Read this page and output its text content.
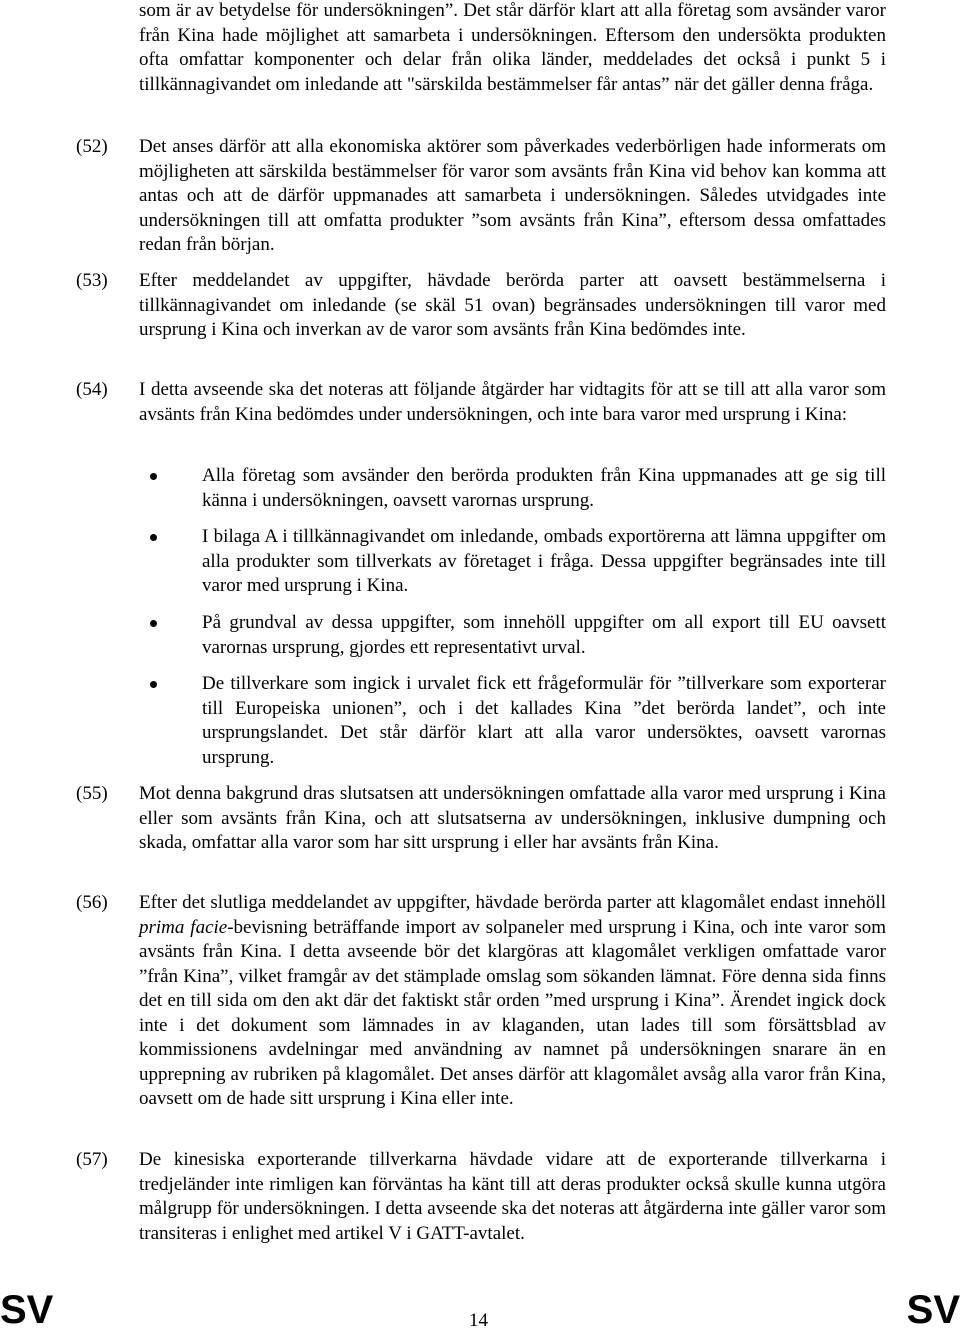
som är av betydelse för undersökningen”. Det står därför klart att alla företag som avsänder varor från Kina hade möjlighet att samarbeta i undersökningen. Eftersom den undersökta produkten ofta omfattar komponenter och delar från olika länder, meddelades det också i punkt 5 i tillkännagivandet om inledande att "särskilda bestämmelser får antas” när det gäller denna fråga.

(52) Det anses därför att alla ekonomiska aktörer som påverkades vederbörligen hade informerats om möjligheten att särskilda bestämmelser för varor som avsänts från Kina vid behov kan komma att antas och att de därför uppmanades att samarbeta i undersökningen. Således utvidgades inte undersökningen till att omfatta produkter ”som avsänts från Kina”, eftersom dessa omfattades redan från början.

(53) Efter meddelandet av uppgifter, hävdade berörda parter att oavsett bestämmelserna i tillkännagivandet om inledande (se skäl 51 ovan) begränsades undersökningen till varor med ursprung i Kina och inverkan av de varor som avsänts från Kina bedömdes inte.

(54) I detta avseende ska det noteras att följande åtgärder har vidtagits för att se till att alla varor som avsänts från Kina bedömdes under undersökningen, och inte bara varor med ursprung i Kina:

Alla företag som avsänder den berörda produkten från Kina uppmanades att ge sig till känna i undersökningen, oavsett varornas ursprung.

I bilaga A i tillkännagivandet om inledande, ombads exportörerna att lämna uppgifter om alla produkter som tillverkats av företaget i fråga. Dessa uppgifter begränsades inte till varor med ursprung i Kina.

På grundval av dessa uppgifter, som innehöll uppgifter om all export till EU oavsett varornas ursprung, gjordes ett representativt urval.

De tillverkare som ingick i urvalet fick ett frågeformulär för ”tillverkare som exporterar till Europeiska unionen”, och i det kallades Kina ”det berörda landet”, och inte ursprungslandet. Det står därför klart att alla varor undersöktes, oavsett varornas ursprung.

(55) Mot denna bakgrund dras slutsatsen att undersökningen omfattade alla varor med ursprung i Kina eller som avsänts från Kina, och att slutsatserna av undersökningen, inklusive dumpning och skada, omfattar alla varor som har sitt ursprung i eller har avsänts från Kina.

(56) Efter det slutliga meddelandet av uppgifter, hävdade berörda parter att klagomålet endast innehöll prima facie-bevisning beträffande import av solpaneler med ursprung i Kina, och inte varor som avsänts från Kina. I detta avseende bör det klargöras att klagomålet verkligen omfattade varor ”från Kina”, vilket framgår av det stämplade omslag som sökanden lämnat. Före denna sida finns det en till sida om den akt där det faktiskt står orden ”med ursprung i Kina”. Ärendet ingick dock inte i det dokument som lämnades in av klaganden, utan lades till som försättsblad av kommissionens avdelningar med användning av namnet på undersökningen snarare än en upprepning av rubriken på klagomålet. Det anses därför att klagomålet avsåg alla varor från Kina, oavsett om de hade sitt ursprung i Kina eller inte.

(57) De kinesiska exporterande tillverkarna hävdade vidare att de exporterande tillverkarna i tredjeländer inte rimligen kan förväntas ha känt till att deras produkter också skulle kunna utgöra målgrupp för undersökningen. I detta avseende ska det noteras att åtgärderna inte gäller varor som transiteras i enlighet med artikel V i GATT-avtalet.

SV	14	SV
